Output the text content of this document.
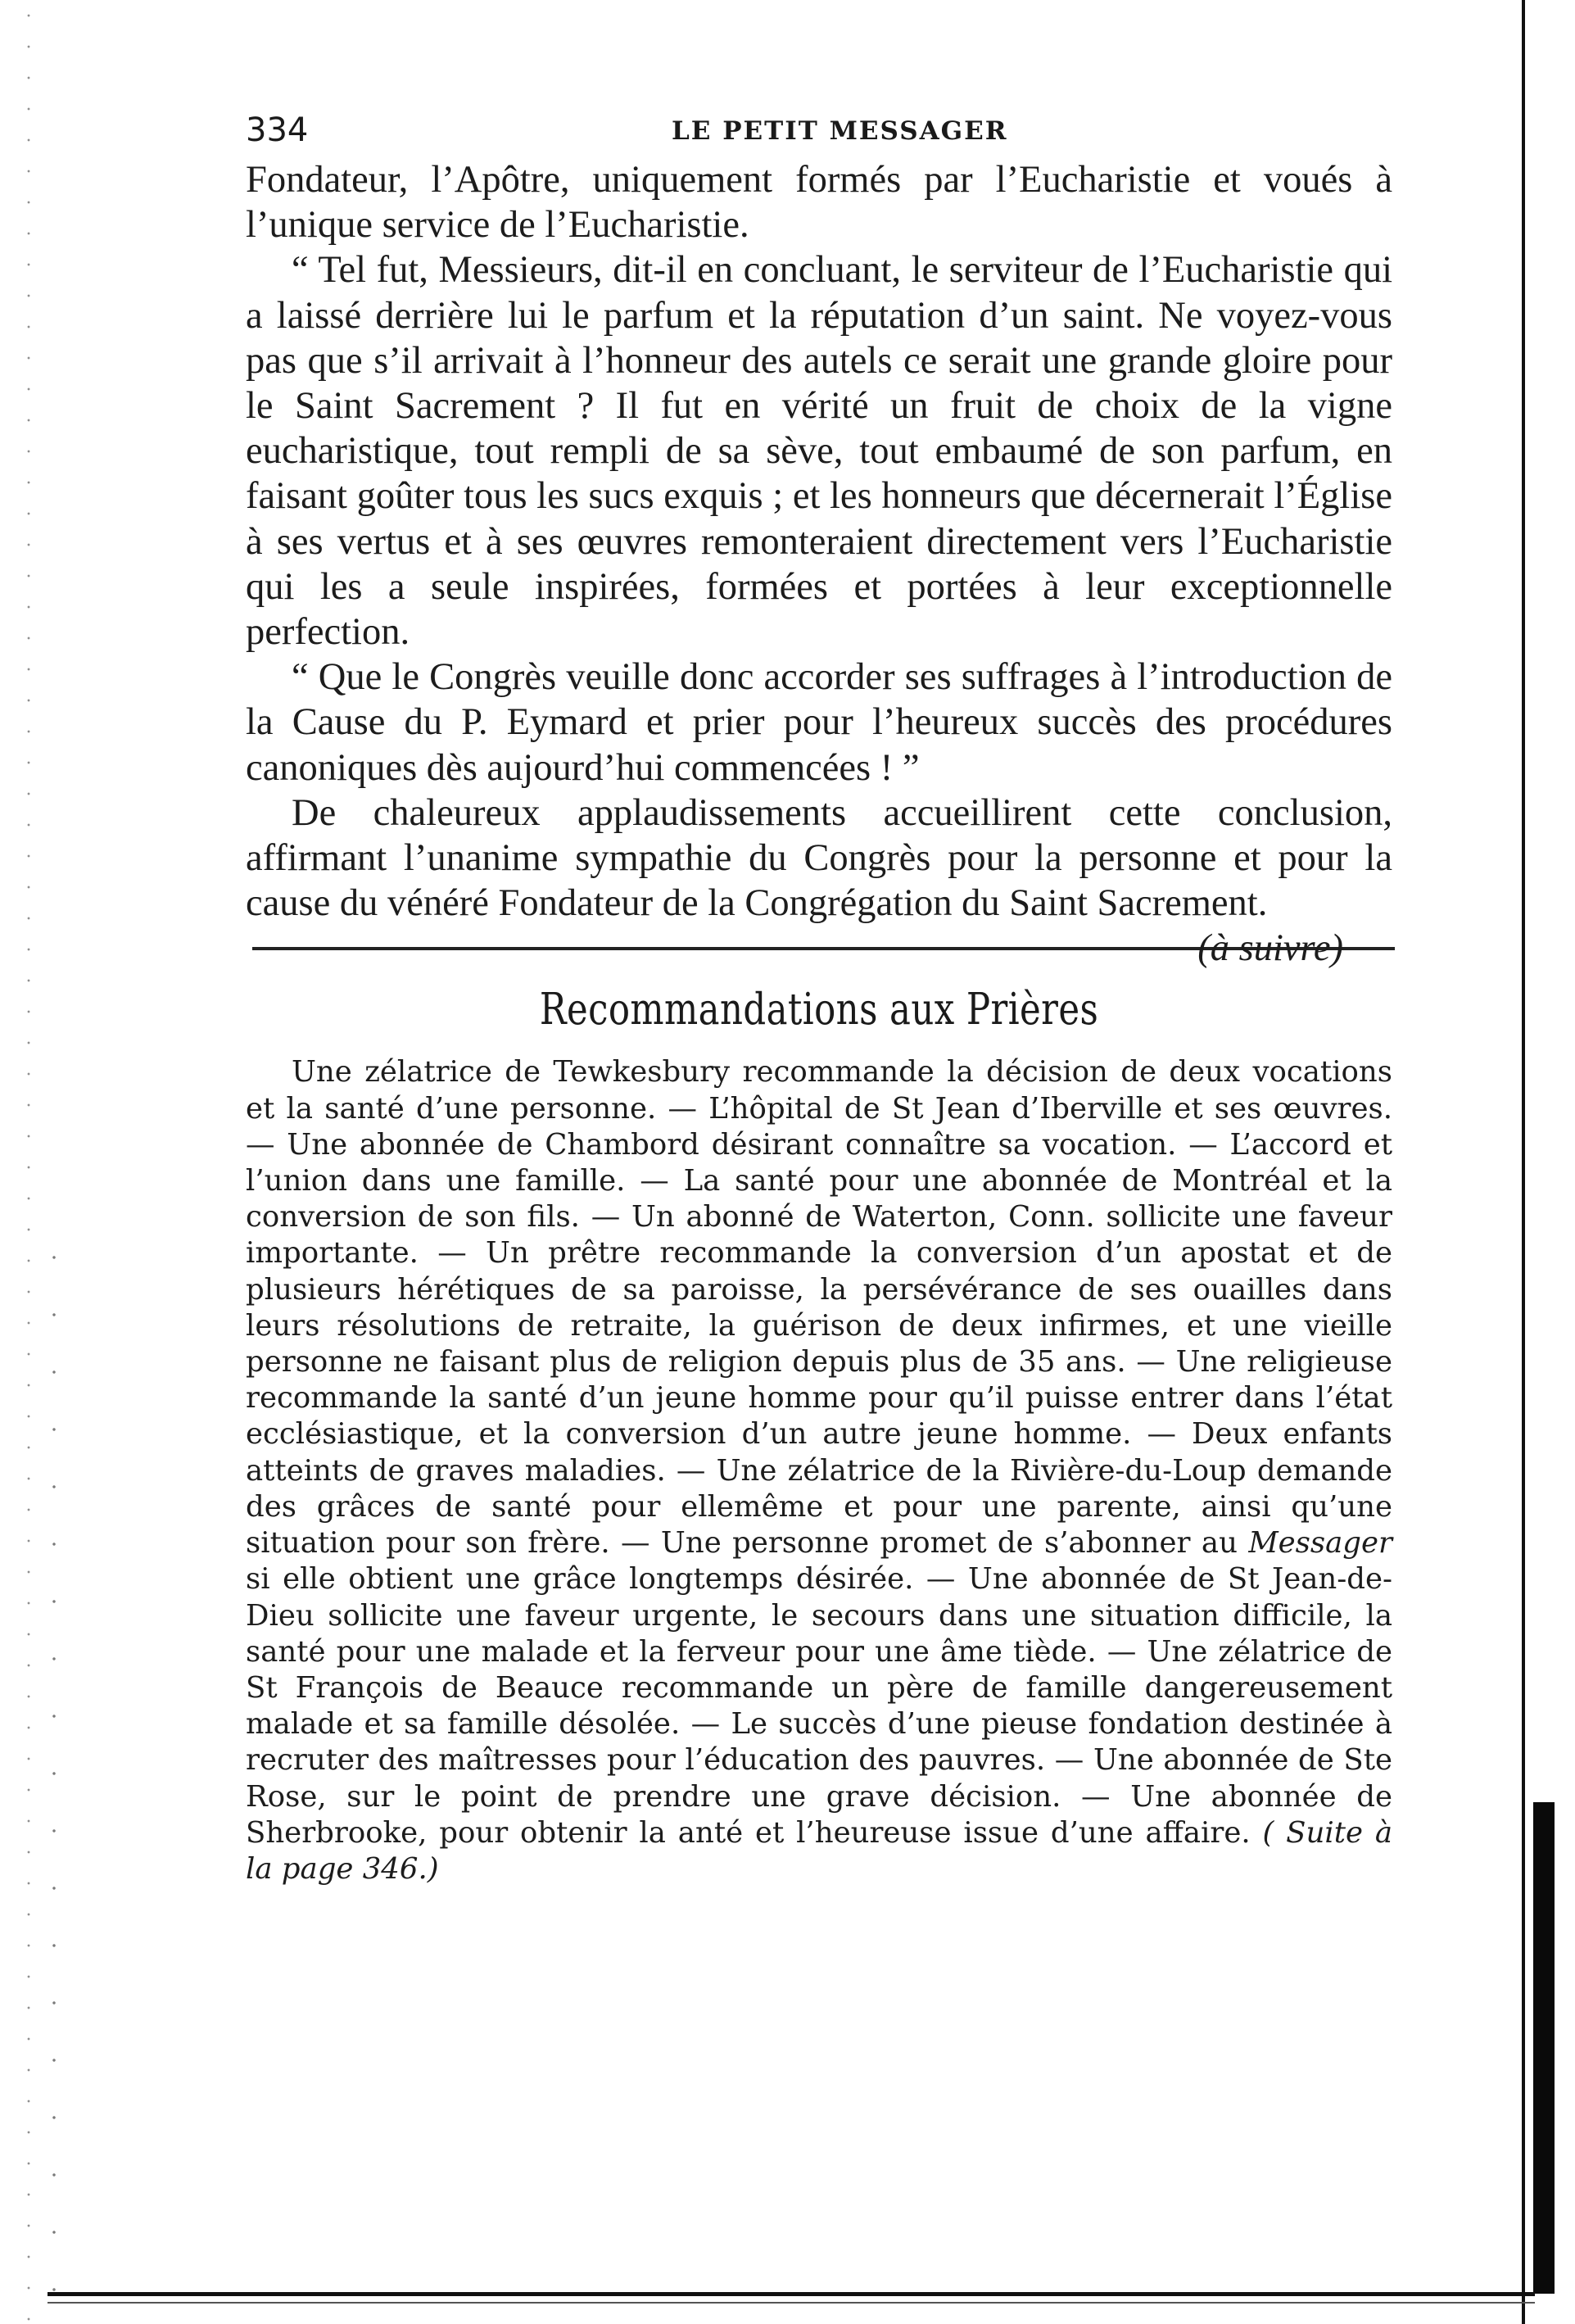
334	LE PETIT MESSAGER

Fondateur, l’Apôtre, uniquement formés par l’Eucharistie et voués à l’unique service de l’Eucharistie.

“ Tel fut, Messieurs, dit-il en concluant, le serviteur de l’Eucharistie qui a laissé derrière lui le parfum et la réputation d’un saint. Ne voyez-vous pas que s’il arrivait à l’honneur des autels ce serait une grande gloire pour le Saint Sacrement ? Il fut en vérité un fruit de choix de la vigne eucharistique, tout rempli de sa sève, tout embaumé de son parfum, en faisant goûter tous les sucs exquis ; et les honneurs que décernerait l’Église à ses vertus et à ses œuvres remonteraient directement vers l’Eucharistie qui les a seule inspirées, formées et portées à leur exceptionnelle perfection.

“ Que le Congrès veuille donc accorder ses suffrages à l’introduction de la Cause du P. Eymard et prier pour l’heureux succès des procédures canoniques dès aujourd’hui commencées ! ”

De chaleureux applaudissements accueillirent cette conclusion, affirmant l’unanime sympathie du Congrès pour la personne et pour la cause du vénéré Fondateur de la Congrégation du Saint Sacrement.
(à suivre)

Recommandations aux Prières
Une zélatrice de Tewkesbury recommande la décision de deux vocations et la santé d’une personne. — L’hôpital de St Jean d’Iberville et ses œuvres. — Une abonnée de Chambord désirant connaître sa vocation. — L’accord et l’union dans une famille. — La santé pour une abonnée de Montréal et la conversion de son fils. — Un abonné de Waterton, Conn. sollicite une faveur importante. — Un prêtre recommande la conversion d’un apostat et de plusieurs hérétiques de sa paroisse, la persévérance de ses ouailles dans leurs résolutions de retraite, la guérison de deux infirmes, et une vieille personne ne faisant plus de religion depuis plus de 35 ans. — Une religieuse recommande la santé d’un jeune homme pour qu’il puisse entrer dans l’état ecclésiastique, et la conversion d’un autre jeune homme. — Deux enfants atteints de graves maladies. — Une zélatrice de la Rivière-du-Loup demande des grâces de santé pour ellemême et pour une parente, ainsi qu’une situation pour son frère. — Une personne promet de s’abonner au Messager si elle obtient une grâce longtemps désirée. — Une abonnée de St Jean-de-Dieu sollicite une faveur urgente, le secours dans une situation difficile, la santé pour une malade et la ferveur pour une âme tiède. — Une zélatrice de St François de Beauce recommande un père de famille dangereusement malade et sa famille désolée. — Le succès d’une pieuse fondation destinée à recruter des maîtresses pour l’éducation des pauvres. — Une abonnée de Ste Rose, sur le point de prendre une grave décision. — Une abonnée de Sherbrooke, pour obtenir la anté et l’heureuse issue d’une affaire. ( Suite à la page 346.)
